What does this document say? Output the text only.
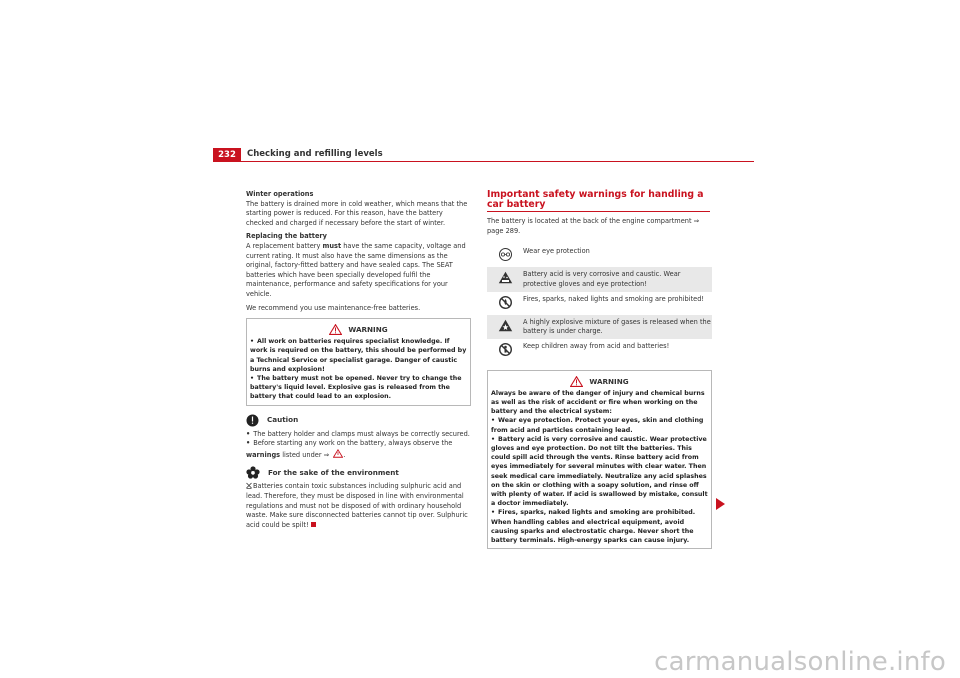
232	Checking and refilling levels

Winter operations

The battery is drained more in cold weather, which means that the starting power is reduced. For this reason, have the battery checked and charged if necessary before the start of winter.

Replacing the battery

A replacement battery must have the same capacity, voltage and current rating. It must also have the same dimensions as the original, factory-fitted battery and have sealed caps. The SEAT batteries which have been specially developed fulfil the maintenance, performance and safety specifications for your vehicle.

We recommend you use maintenance-free batteries.

WARNING
• All work on batteries requires specialist knowledge. If work is required on the battery, this should be performed by a Technical Service or specialist garage. Danger of caustic burns and explosion!
• The battery must not be opened. Never try to change the battery's liquid level. Explosive gas is released from the battery that could lead to an explosion.
Caution
• The battery holder and clamps must always be correctly secured.
• Before starting any work on the battery, always observe the warnings listed under ⇒ .
For the sake of the environment

Batteries contain toxic substances including sulphuric acid and lead. Therefore, they must be disposed in line with environmental regulations and must not be disposed of with ordinary household waste. Make sure disconnected batteries cannot tip over. Sulphuric acid could be spilt!

Important safety warnings for handling a car battery

The battery is located at the back of the engine compartment ⇒ page 289.

Wear eye protection
Battery acid is very corrosive and caustic. Wear protective gloves and eye protection!
Fires, sparks, naked lights and smoking are prohibited!
A highly explosive mixture of gases is released when the battery is under charge.
Keep children away from acid and batteries!
WARNING
Always be aware of the danger of injury and chemical burns as well as the risk of accident or fire when working on the battery and the electrical system:
• Wear eye protection. Protect your eyes, skin and clothing from acid and particles containing lead.
• Battery acid is very corrosive and caustic. Wear protective gloves and eye protection. Do not tilt the batteries. This could spill acid through the vents. Rinse battery acid from eyes immediately for several minutes with clear water. Then seek medical care immediately. Neutralize any acid splashes on the skin or clothing with a soapy solution, and rinse off with plenty of water. If acid is swallowed by mistake, consult a doctor immediately.
• Fires, sparks, naked lights and smoking are prohibited. When handling cables and electrical equipment, avoid causing sparks and electrostatic charge. Never short the battery terminals. High-energy sparks can cause injury.
carmanualsonline.info
